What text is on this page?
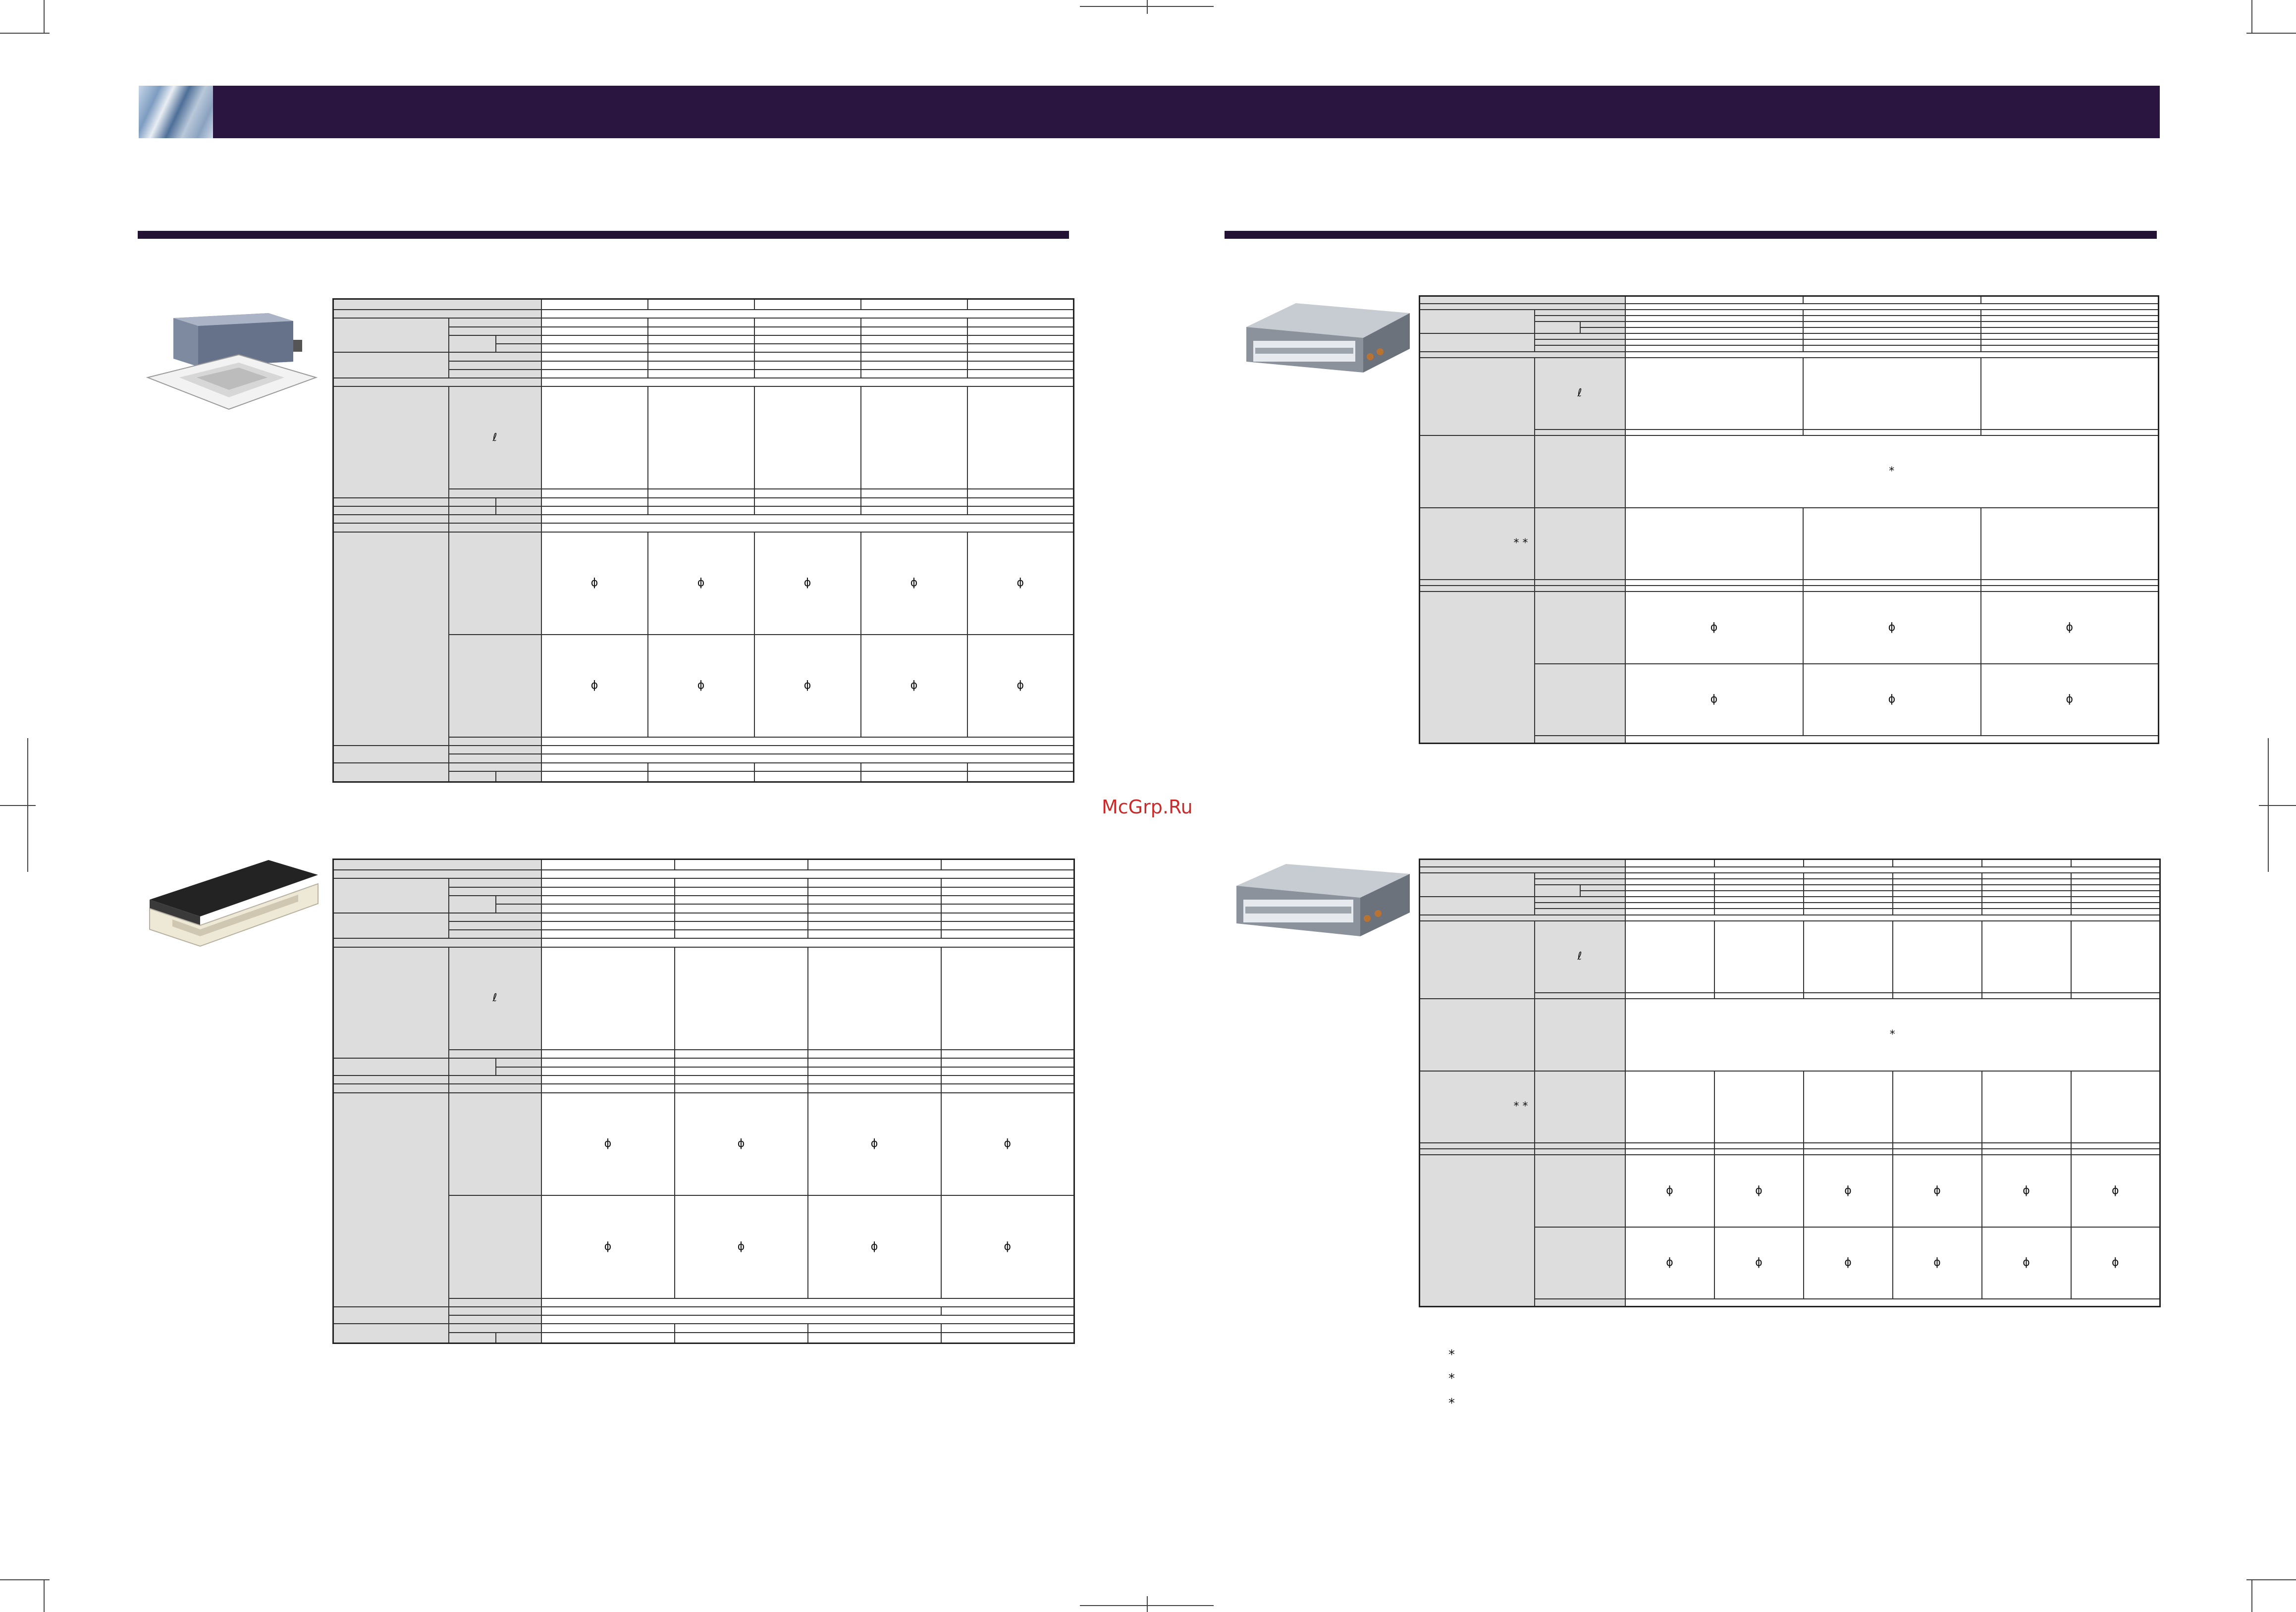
	ℓ						

			ϕ	ϕ	ϕ	ϕ	ϕ
			ϕ	ϕ	ϕ	ϕ	ϕ

	ℓ					

			ϕ	ϕ	ϕ	ϕ
			ϕ	ϕ	ϕ	ϕ

	ℓ				

			*		
* *					

			ϕ	ϕ	ϕ
			ϕ	ϕ	ϕ

	ℓ							

			*					
* *								

			ϕ	ϕ	ϕ	ϕ	ϕ	ϕ
			ϕ	ϕ	ϕ	ϕ	ϕ	ϕ

McGrp.Ru
*
*
*
